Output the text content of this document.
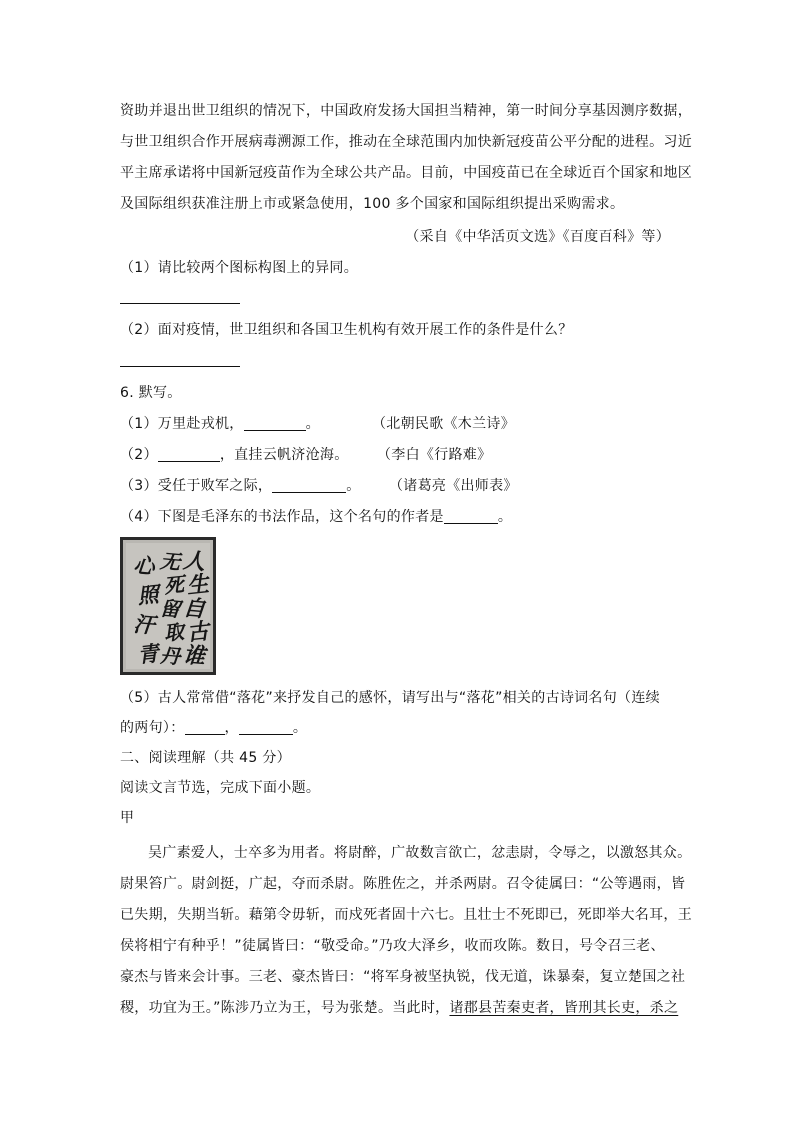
资助并退出世卫组织的情况下，中国政府发扬大国担当精神，第一时间分享基因测序数据，
与世卫组织合作开展病毒溯源工作，推动在全球范围内加快新冠疫苗公平分配的进程。习近
平主席承诺将中国新冠疫苗作为全球公共产品。目前，中国疫苗已在全球近百个国家和地区
及国际组织获准注册上市或紧急使用，100 多个国家和国际组织提出采购需求。
（采自《中华活页文选》《百度百科》等）
（1）请比较两个图标构图上的异同。
（2）面对疫情，世卫组织和各国卫生机构有效开展工作的条件是什么？
6. 默写。
（1）万里赴戎机，	。	（北朝民歌《木兰诗》
（2）	，直挂云帆济沧海。	（李白《行路难》
（3）受任于败军之际，	。	（诸葛亮《出师表》
（4）下图是毛泽东的书法作品，这个名句的作者是	。
人
生
自
古
谁
无
死
留
取
丹
心
照
汗
青
（5）古人常常借“落花”来抒发自己的感怀，请写出与“落花”相关的古诗词名句（连续
的两句）：	，	。
二、阅读理解（共 45 分）
阅读文言节选，完成下面小题。
甲
吴广素爱人，士卒多为用者。将尉醉，广故数言欲亡，忿恚尉，令辱之，以激怒其众。
尉果笞广。尉剑挺，广起，夺而杀尉。陈胜佐之，并杀两尉。召令徒属曰：“公等遇雨，皆
已失期，失期当斩。藉第令毋斩，而戍死者固十六七。且壮士不死即已，死即举大名耳，王
侯将相宁有种乎！”徒属皆曰：“敬受命。”乃攻大泽乡，收而攻陈。数日，号令召三老、
豪杰与皆来会计事。三老、豪杰皆曰：“将军身被坚执锐，伐无道，诛暴秦，复立楚国之社
稷，功宜为王。”陈涉乃立为王，号为张楚。当此时，诸郡县苦秦吏者，皆刑其长吏，杀之
